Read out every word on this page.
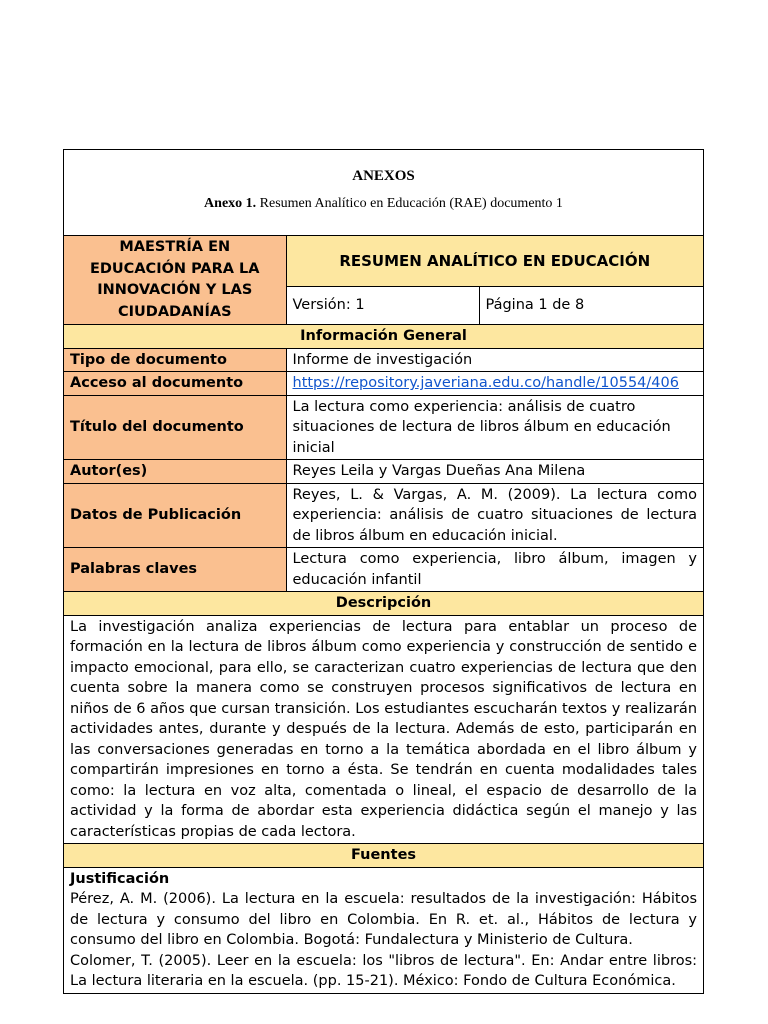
ANEXOS
Anexo 1. Resumen Analítico en Educación (RAE) documento 1
MAESTRÍA EN EDUCACIÓN PARA LA INNOVACIÓN Y LAS CIUDADANÍAS	RESUMEN ANALÍTICO EN EDUCACIÓN	
	Versión: 1	Página 1 de 8
Información General		
Tipo de documento	Informe de investigación	
Acceso al documento	https://repository.javeriana.edu.co/handle/10554/406	
Título del documento	La lectura como experiencia: análisis de cuatro situaciones de lectura de libros álbum en educación inicial	
Autor(es)	Reyes Leila y Vargas Dueñas Ana Milena	
Datos de Publicación	Reyes, L. & Vargas, A. M. (2009). La lectura como experiencia: análisis de cuatro situaciones de lectura de libros álbum en educación inicial.	
Palabras claves	Lectura como experiencia, libro álbum, imagen y educación infantil	
Descripción		
La investigación analiza experiencias de lectura para entablar un proceso de formación en la lectura de libros álbum como experiencia y construcción de sentido e impacto emocional, para ello, se caracterizan cuatro experiencias de lectura que den cuenta sobre la manera como se construyen procesos significativos de lectura en niños de 6 años que cursan transición. Los estudiantes escucharán textos y realizarán actividades antes, durante y después de la lectura. Además de esto, participarán en las conversaciones generadas en torno a la temática abordada en el libro álbum y compartirán impresiones en torno a ésta. Se tendrán en cuenta modalidades tales como: la lectura en voz alta, comentada o lineal, el espacio de desarrollo de la actividad y la forma de abordar esta experiencia didáctica según el manejo y las características propias de cada lectora.		
Fuentes		

Justificación

Pérez, A. M. (2006). La lectura en la escuela: resultados de la investigación: Hábitos de lectura y consumo del libro en Colombia. En R. et. al., Hábitos de lectura y consumo del libro en Colombia. Bogotá: Fundalectura y Ministerio de Cultura.

Colomer, T. (2005). Leer en la escuela: los "libros de lectura". En: Andar entre libros: La lectura literaria en la escuela. (pp. 15-21). México: Fondo de Cultura Económica.		
